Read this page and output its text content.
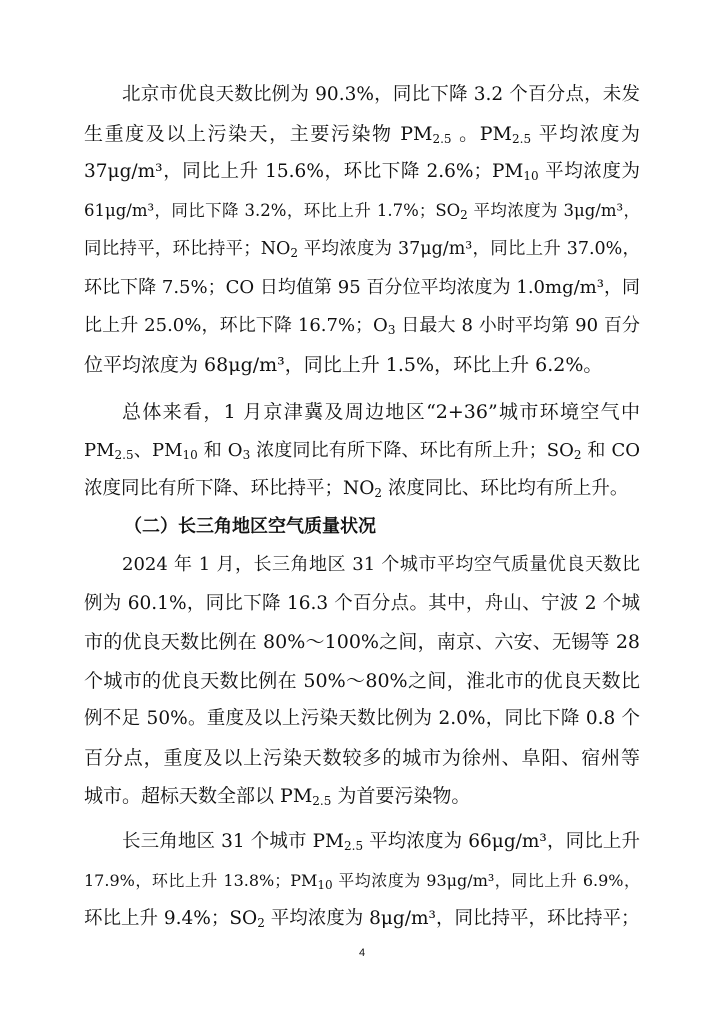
北京市优良天数比例为 90.3%，同比下降 3.2 个百分点，未发
生重度及以上污染天，主要污染物 $PM_{2.5}$ 。$PM_{2.5}$ 平均浓度为
37μg/m³，同比上升 15.6%，环比下降 2.6%；$PM_{10}$ 平均浓度为
61μg/m³，同比下降 3.2%，环比上升 1.7%；$SO_2$ 平均浓度为 3μg/m³，
同比持平，环比持平；$NO_2$ 平均浓度为 37μg/m³，同比上升 37.0%，
环比下降 7.5%；CO 日均值第 95 百分位平均浓度为 1.0mg/m³，同
比上升 25.0%，环比下降 16.7%；$O_3$ 日最大 8 小时平均第 90 百分
位平均浓度为 68μg/m³，同比上升 1.5%，环比上升 6.2%。
总体来看，1 月京津冀及周边地区“2+36”城市环境空气中
$PM_{2.5}$、$PM_{10}$ 和 $O_3$ 浓度同比有所下降、环比有所上升；$SO_2$ 和 CO
浓度同比有所下降、环比持平；$NO_2$ 浓度同比、环比均有所上升。
（二）长三角地区空气质量状况
2024 年 1 月，长三角地区 31 个城市平均空气质量优良天数比
例为 60.1%，同比下降 16.3 个百分点。其中，舟山、宁波 2 个城
市的优良天数比例在 80%～100%之间，南京、六安、无锡等 28
个城市的优良天数比例在 50%～80%之间，淮北市的优良天数比
例不足 50%。重度及以上污染天数比例为 2.0%，同比下降 0.8 个
百分点，重度及以上污染天数较多的城市为徐州、阜阳、宿州等
城市。超标天数全部以 $PM_{2.5}$ 为首要污染物。
长三角地区 31 个城市 $PM_{2.5}$ 平均浓度为 66μg/m³，同比上升
17.9%，环比上升 13.8%；$PM_{10}$ 平均浓度为 93μg/m³，同比上升 6.9%，
环比上升 9.4%；$SO_2$ 平均浓度为 8μg/m³，同比持平，环比持平；
4
